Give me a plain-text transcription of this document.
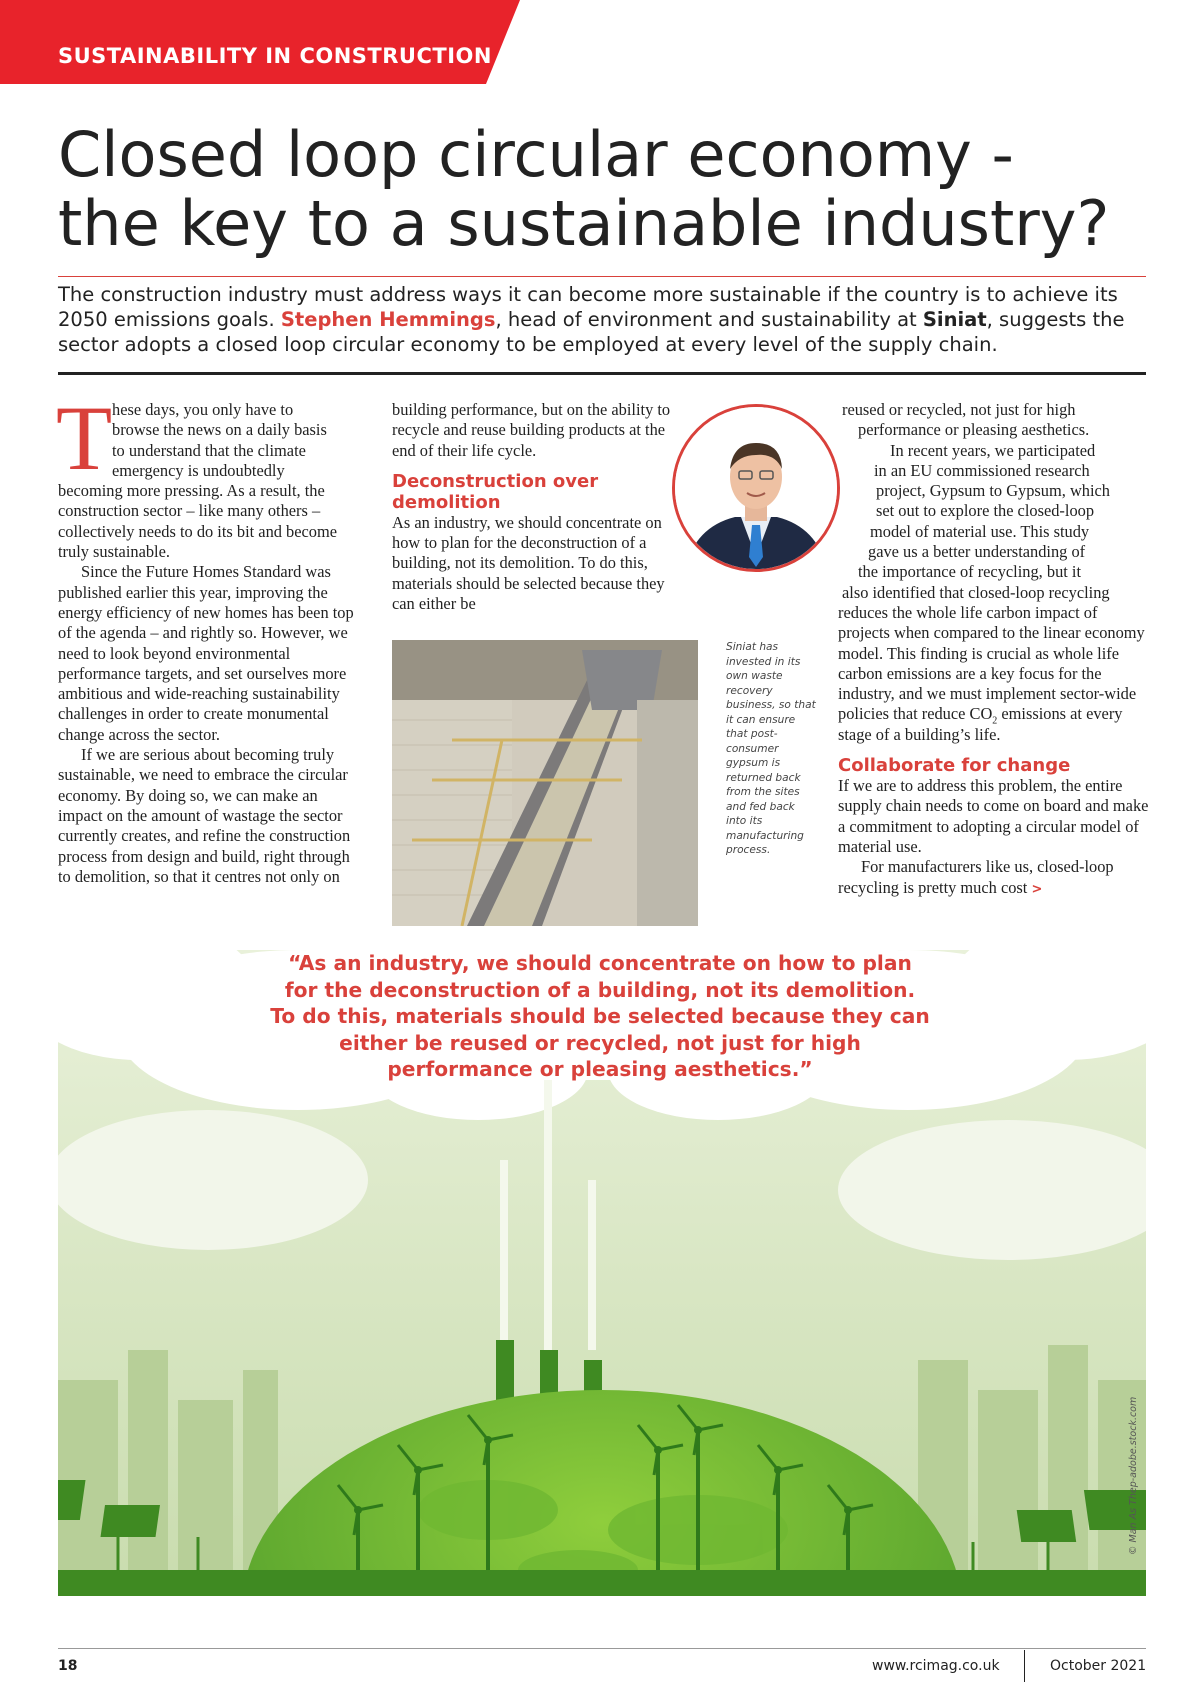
SUSTAINABILITY IN CONSTRUCTION
Closed loop circular economy -
the key to a sustainable industry?
The construction industry must address ways it can become more sustainable if the country is to achieve its 2050 emissions goals. Stephen Hemmings, head of environment and sustainability at Siniat, suggests the sector adopts a closed loop circular economy to be employed at every level of the supply chain.
T hese days, you only have to
browse the news on a daily basis
to understand that the climate
emergency is undoubtedly

becoming more pressing. As a result, the construction sector – like many others – collectively needs to do its bit and become truly sustainable.

Since the Future Homes Standard was published earlier this year, improving the energy efficiency of new homes has been top of the agenda – and rightly so. However, we need to look beyond environmental performance targets, and set ourselves more ambitious and wide-reaching sustainability challenges in order to create monumental change across the sector.

If we are serious about becoming truly sustainable, we need to embrace the circular economy. By doing so, we can make an impact on the amount of wastage the sector currently creates, and refine the construction process from design and build, right through to demolition, so that it centres not only on

building performance, but on the ability to recycle and reuse building products at the end of their life cycle.

Deconstruction over demolition

As an industry, we should concentrate on how to plan for the deconstruction of a building, not its demolition. To do this, materials should be selected because they can either be

reused or recycled, not just for high
performance or pleasing aesthetics.
In recent years, we participated
in an EU commissioned research
project, Gypsum to Gypsum, which
set out to explore the closed-loop
model of material use. This study
gave us a better understanding of
the importance of recycling, but it
also identified that closed-loop recycling

reduces the whole life carbon impact of projects when compared to the linear economy model. This finding is crucial as whole life carbon emissions are a key focus for the industry, and we must implement sector-wide policies that reduce $CO_2$ emissions at every stage of a building’s life.

Collaborate for change

If we are to address this problem, the entire supply chain needs to come on board and make a commitment to adopting a circular model of material use.

For manufacturers like us, closed-loop recycling is pretty much cost >

Siniat has invested in its own waste recovery business, so that it can ensure that post-consumer gypsum is returned back from the sites and fed back into its manufacturing process.
“As an industry, we should concentrate on how to plan for the deconstruction of a building, not its demolition. To do this, materials should be selected because they can either be reused or recycled, not just for high performance or pleasing aesthetics.”
© Man As Thep-adobe.stock.com
18	www.rcimag.co.uk	October 2021
